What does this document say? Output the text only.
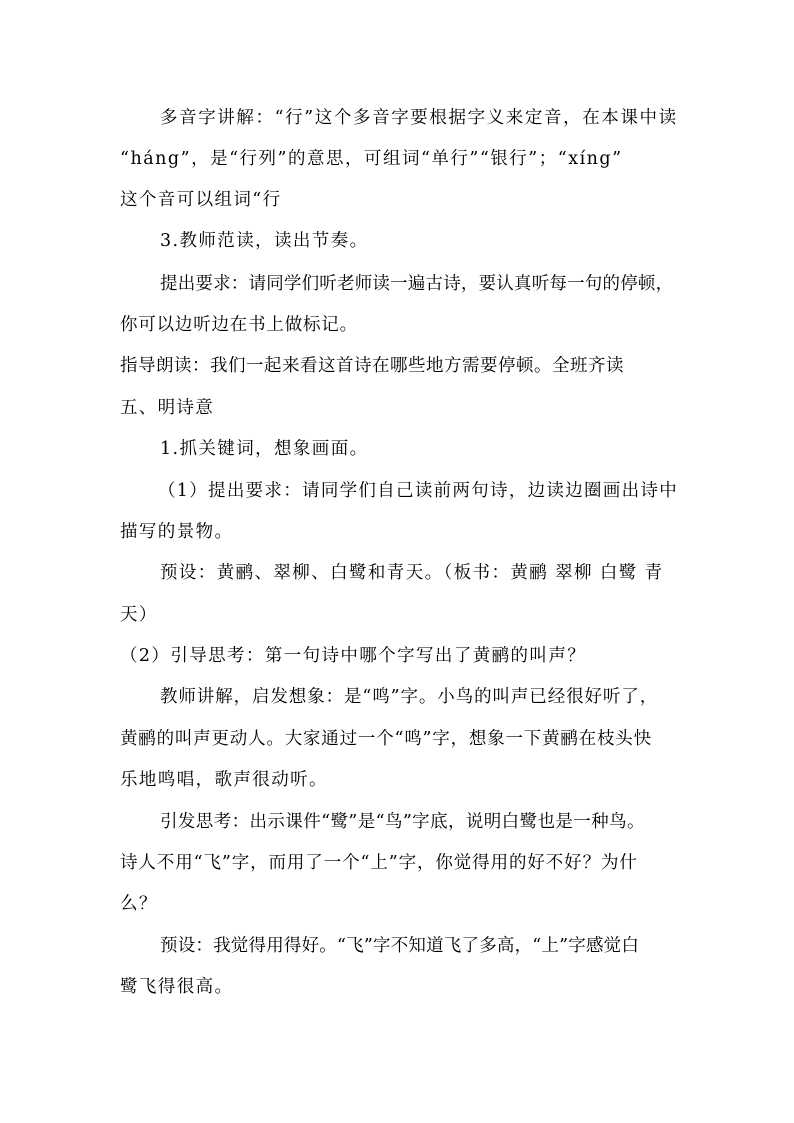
多音字讲解：“行”这个多音字要根据字义来定音，在本课中读
“háng”，是“行列”的意思，可组词“单行”“银行”；“xíng”
这个音可以组词“行
3.教师范读，读出节奏。
提出要求：请同学们听老师读一遍古诗，要认真听每一句的停顿，
你可以边听边在书上做标记。
指导朗读：我们一起来看这首诗在哪些地方需要停顿。全班齐读
五、明诗意
1.抓关键词，想象画面。
（1）提出要求：请同学们自己读前两句诗，边读边圈画出诗中
描写的景物。
预设：黄鹂、翠柳、白鹭和青天。（板书：黄鹂 翠柳 白鹭 青
天）
（2）引导思考：第一句诗中哪个字写出了黄鹂的叫声？
教师讲解，启发想象：是“鸣”字。小鸟的叫声已经很好听了，
黄鹂的叫声更动人。大家通过一个“鸣”字，想象一下黄鹂在枝头快
乐地鸣唱，歌声很动听。
引发思考：出示课件“鹭”是“鸟”字底，说明白鹭也是一种鸟。
诗人不用“飞”字，而用了一个“上”字，你觉得用的好不好？为什
么？
预设：我觉得用得好。“飞”字不知道飞了多高，“上”字感觉白
鹭飞得很高。
